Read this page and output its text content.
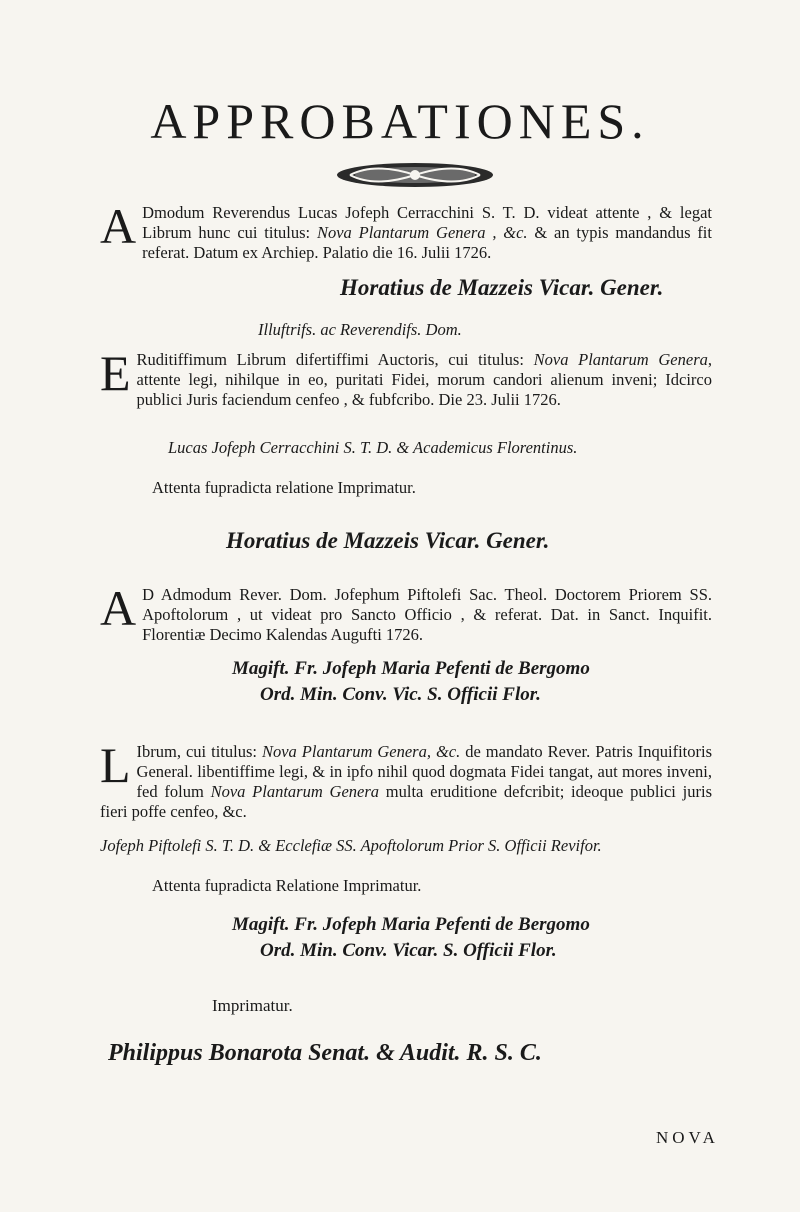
APPROBATIONES.

A Dmodum Reverendus Lucas Jofeph Cerracchini S. T. D. videat attente , & legat Librum hunc cui titulus: Nova Plantarum Genera , &c. & an typis mandandus fit referat. Datum ex Archiep. Palatio die 16. Julii 1726.

Horatius de Mazzeis Vicar. Gener.

Illuftrifs. ac Reverendifs. Dom.

E Ruditiffimum Librum difertiffimi Auctoris, cui titulus: Nova Plantarum Genera, attente legi, nihilque in eo, puritati Fidei, morum candori alienum inveni; Idcirco publici Juris faciendum cenfeo , & fubfcribo. Die 23. Julii 1726.

Lucas Jofeph Cerracchini S. T. D. & Academicus Florentinus.

Attenta fupradicta relatione Imprimatur.

Horatius de Mazzeis Vicar. Gener.

A D Admodum Rever. Dom. Jofephum Piftolefi Sac. Theol. Doctorem Priorem SS. Apoftolorum , ut videat pro Sancto Officio , & referat. Dat. in Sanct. Inquifit. Florentiæ Decimo Kalendas Augufti 1726.

Magift. Fr. Jofeph Maria Pefenti de Bergomo
Ord. Min. Conv. Vic. S. Officii Flor.

L Ibrum, cui titulus: Nova Plantarum Genera, &c. de mandato Rever. Patris Inquifitoris General. libentiffime legi, & in ipfo nihil quod dogmata Fidei tangat, aut mores inveni, fed folum Nova Plantarum Genera multa eruditione defcribit; ideoque publici juris fieri poffe cenfeo, &c.

Jofeph Piftolefi S. T. D. & Ecclefiæ SS. Apoftolorum Prior S. Officii Revifor.

Attenta fupradicta Relatione Imprimatur.

Magift. Fr. Jofeph Maria Pefenti de Bergomo
Ord. Min. Conv. Vicar. S. Officii Flor.

Imprimatur.

Philippus Bonarota Senat. & Audit. R. S. C.

NOVA
